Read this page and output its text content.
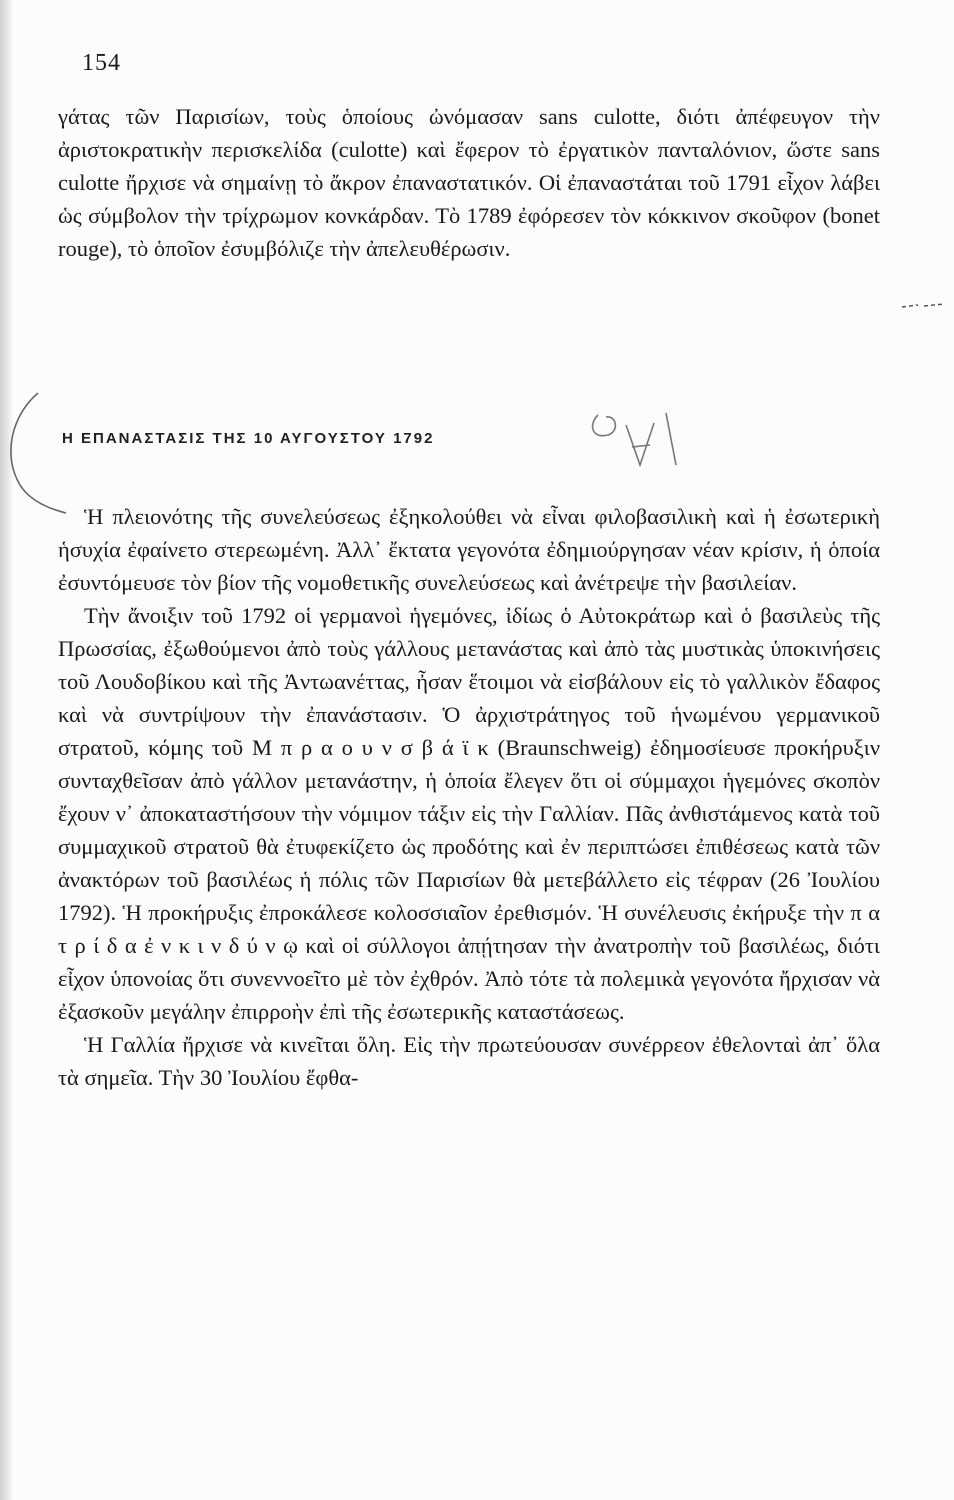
154

γάτας τῶν Παρισίων, τοὺς ὁποίους ὠνόμασαν sans culotte, διότι ἀπέφευγον τὴν ἀριστοκρατικὴν περισκελίδα (culotte) καὶ ἔφερον τὸ ἐργατικὸν πανταλόνιον, ὥστε sans culotte ἤρχισε νὰ σημαίνῃ τὸ ἄκρον ἐπαναστατικόν. Οἱ ἐπαναστάται τοῦ 1791 εἶχον λάβει ὡς σύμβολον τὴν τρίχρωμον κονκάρδαν. Τὸ 1789 ἐφόρεσεν τὸν κόκκινον σκοῦφον (bonet rouge), τὸ ὁποῖον ἐσυμβόλιζε τὴν ἀπελευθέρωσιν.

Η ΕΠΑΝΑΣΤΑΣΙΣ ΤΗΣ 10 ΑΥΓΟΥΣΤΟΥ 1792

Ἡ πλειονότης τῆς συνελεύσεως ἐξηκολούθει νὰ εἶναι φιλοβασιλικὴ καὶ ἡ ἐσωτερικὴ ἡσυχία ἐφαίνετο στερεωμένη. Ἀλλ᾽ ἔκτατα γεγονότα ἐδημιούργησαν νέαν κρίσιν, ἡ ὁποία ἐσυντόμευσε τὸν βίον τῆς νομοθετικῆς συνελεύσεως καὶ ἀνέτρεψε τὴν βασιλείαν.

Τὴν ἄνοιξιν τοῦ 1792 οἱ γερμανοὶ ἡγεμόνες, ἰδίως ὁ Αὐτοκράτωρ καὶ ὁ βασιλεὺς τῆς Πρωσσίας, ἐξωθούμενοι ἀπὸ τοὺς γάλλους μετανάστας καὶ ἀπὸ τὰς μυστικὰς ὑποκινήσεις τοῦ Λουδοβίκου καὶ τῆς Ἀντωανέττας, ἦσαν ἕτοιμοι νὰ εἰσβάλουν εἰς τὸ γαλλικὸν ἔδαφος καὶ νὰ συντρίψουν τὴν ἐπανάστασιν. Ὁ ἀρχιστράτηγος τοῦ ἡνωμένου γερμανικοῦ στρατοῦ, κόμης τοῦ Μ π ρ α ο υ ν σ β ά ϊ κ (Braunschweig) ἐδημοσίευσε προκήρυξιν συνταχθεῖσαν ἀπὸ γάλλον μετανάστην, ἡ ὁποία ἔλεγεν ὅτι οἱ σύμμαχοι ἡγεμόνες σκοπὸν ἔχουν ν᾽ ἀποκαταστήσουν τὴν νόμιμον τάξιν εἰς τὴν Γαλλίαν. Πᾶς ἀνθιστάμενος κατὰ τοῦ συμμαχικοῦ στρατοῦ θὰ ἐτυφεκίζετο ὡς προδότης καὶ ἐν περιπτώσει ἐπιθέσεως κατὰ τῶν ἀνακτόρων τοῦ βασιλέως ἡ πόλις τῶν Παρισίων θὰ μετεβάλλετο εἰς τέφραν (26 Ἰουλίου 1792). Ἡ προκήρυξις ἐπροκάλεσε κολοσσιαῖον ἐρεθισμόν. Ἡ συνέλευσις ἐκήρυξε τὴν π α τ ρ ί δ α ἐ ν κ ι ν δ ύ ν ῳ καὶ οἱ σύλλογοι ἀπῄτησαν τὴν ἀνατροπὴν τοῦ βασιλέως, διότι εἶχον ὑπονοίας ὅτι συνεννοεῖτο μὲ τὸν ἐχθρόν. Ἀπὸ τότε τὰ πολεμικὰ γεγονότα ἤρχισαν νὰ ἐξασκοῦν μεγάλην ἐπιρροὴν ἐπὶ τῆς ἐσωτερικῆς καταστάσεως.

Ἡ Γαλλία ἤρχισε νὰ κινεῖται ὅλη. Εἰς τὴν πρωτεύουσαν συνέρρεον ἐθελονταὶ ἀπ᾽ ὅλα τὰ σημεῖα. Τὴν 30 Ἰουλίου ἔφθα-
